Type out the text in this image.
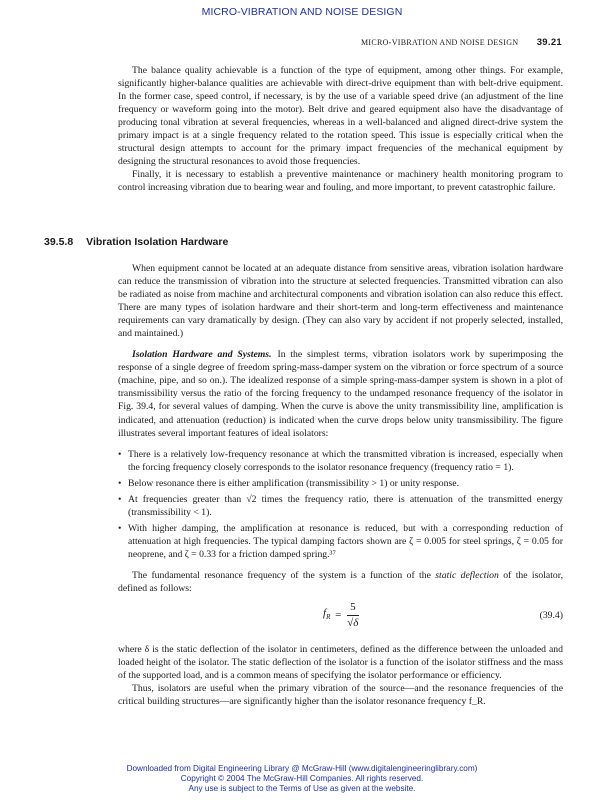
MICRO-VIBRATION AND NOISE DESIGN
MICRO-VIBRATION AND NOISE DESIGN 39.21

The balance quality achievable is a function of the type of equipment, among other things. For example, significantly higher-balance qualities are achievable with direct-drive equipment than with belt-drive equipment. In the former case, speed control, if necessary, is by the use of a variable speed drive (an adjustment of the line frequency or waveform going into the motor). Belt drive and geared equipment also have the disadvantage of producing tonal vibration at several frequencies, whereas in a well-balanced and aligned direct-drive system the primary impact is at a single frequency related to the rotation speed. This issue is especially critical when the structural design attempts to account for the primary impact frequencies of the mechanical equipment by designing the structural resonances to avoid those frequencies.

Finally, it is necessary to establish a preventive maintenance or machinery health monitoring program to control increasing vibration due to bearing wear and fouling, and more important, to prevent catastrophic failure.

39.5.8 Vibration Isolation Hardware

When equipment cannot be located at an adequate distance from sensitive areas, vibration isolation hardware can reduce the transmission of vibration into the structure at selected frequencies. Transmitted vibration can also be radiated as noise from machine and architectural components and vibration isolation can also reduce this effect. There are many types of isolation hardware and their short-term and long-term effectiveness and maintenance requirements can vary dramatically by design. (They can also vary by accident if not properly selected, installed, and maintained.)

Isolation Hardware and Systems. In the simplest terms, vibration isolators work by superimposing the response of a single degree of freedom spring-mass-damper system on the vibration or force spectrum of a source (machine, pipe, and so on.). The idealized response of a simple spring-mass-damper system is shown in a plot of transmissibility versus the ratio of the forcing frequency to the undamped resonance frequency of the isolator in Fig. 39.4, for several values of damping. When the curve is above the unity transmissibility line, amplification is indicated, and attenuation (reduction) is indicated when the curve drops below unity transmissibility. The figure illustrates several important features of ideal isolators:

• There is a relatively low-frequency resonance at which the transmitted vibration is increased, especially when the forcing frequency closely corresponds to the isolator resonance frequency (frequency ratio = 1).
• Below resonance there is either amplification (transmissibility > 1) or unity response.
• At frequencies greater than √2 times the frequency ratio, there is attenuation of the transmitted energy (transmissibility < 1).
• With higher damping, the amplification at resonance is reduced, but with a corresponding reduction of attenuation at high frequencies. The typical damping factors shown are ζ = 0.005 for steel springs, ζ = 0.05 for neoprene, and ζ = 0.33 for a friction damped spring.³⁷

The fundamental resonance frequency of the system is a function of the static deflection of the isolator, defined as follows:

$f_R = \frac{5}{√\delta}$	(39.4)

where δ is the static deflection of the isolator in centimeters, defined as the difference between the unloaded and loaded height of the isolator. The static deflection of the isolator is a function of the isolator stiffness and the mass of the supported load, and is a common means of specifying the isolator performance or efficiency.

Thus, isolators are useful when the primary vibration of the source—and the resonance frequencies of the critical building structures—are significantly higher than the isolator resonance frequency f_R.

Downloaded from Digital Engineering Library @ McGraw-Hill (www.digitalengineeringlibrary.com)
Copyright © 2004 The McGraw-Hill Companies. All rights reserved.
Any use is subject to the Terms of Use as given at the website.
